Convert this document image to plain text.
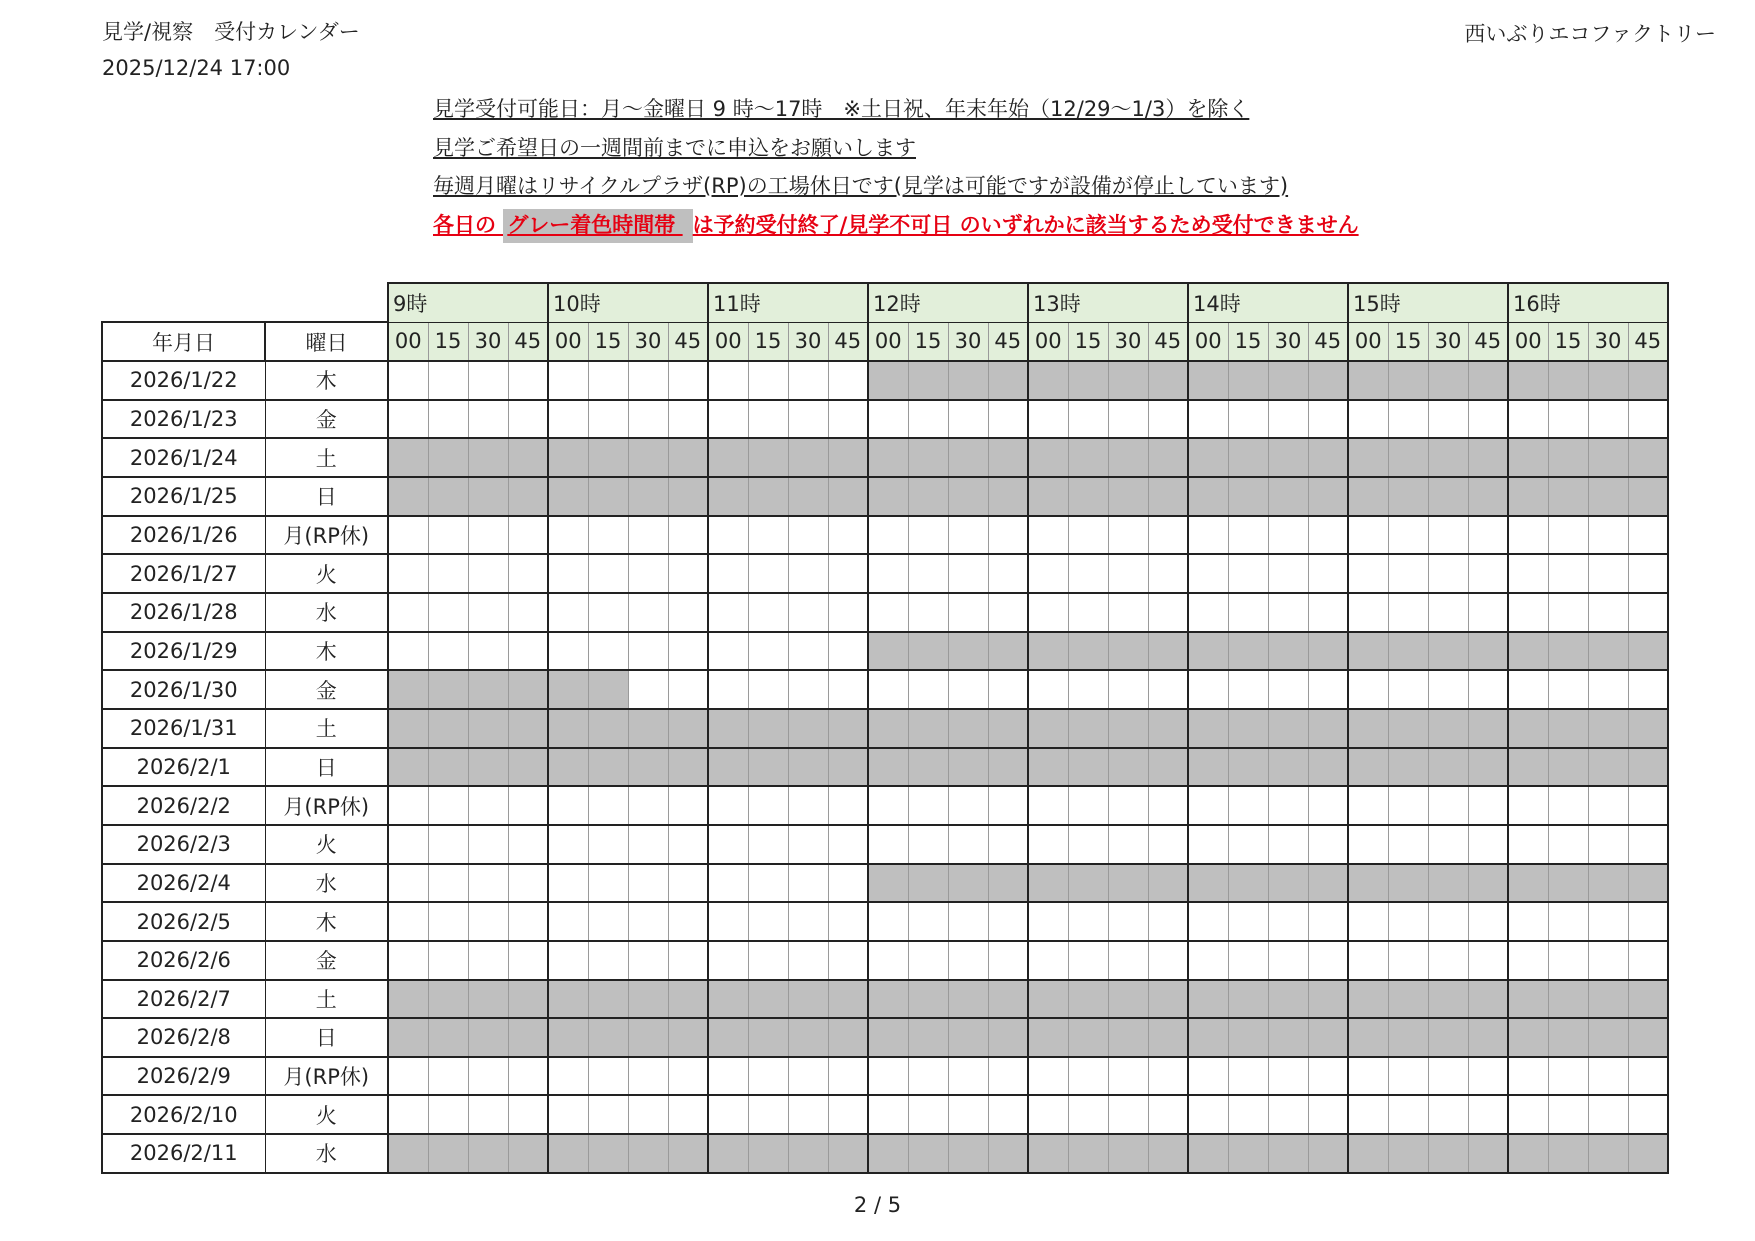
見学/視察　受付カレンダー
2025/12/24 17:00
西いぶりエコファクトリー
見学受付可能日：月～金曜日 9 時～17時　※土日祝、年末年始（12/29～1/3）を除く
見学ご希望日の一週間前までに申込をお願いします
毎週月曜はリサイクルプラザ(RP)の工場休日です(見学は可能ですが設備が停止しています)
各日の グレー着色時間帯 は予約受付終了/見学不可日 のいずれかに該当するため受付できません
		9時				10時				11時				12時				13時				14時				15時				16時			
年月日	曜日	00	15	30	45	00	15	30	45	00	15	30	45	00	15	30	45	00	15	30	45	00	15	30	45	00	15	30	45	00	15	30	45
2026/1/22	木																																
2026/1/23	金																																
2026/1/24	土																																
2026/1/25	日																																
2026/1/26	月(RP休)																																
2026/1/27	火																																
2026/1/28	水																																
2026/1/29	木																																
2026/1/30	金																																
2026/1/31	土																																
2026/2/1	日																																
2026/2/2	月(RP休)																																
2026/2/3	火																																
2026/2/4	水																																
2026/2/5	木																																
2026/2/6	金																																
2026/2/7	土																																
2026/2/8	日																																
2026/2/9	月(RP休)																																
2026/2/10	火																																
2026/2/11	水																																
2 / 5
